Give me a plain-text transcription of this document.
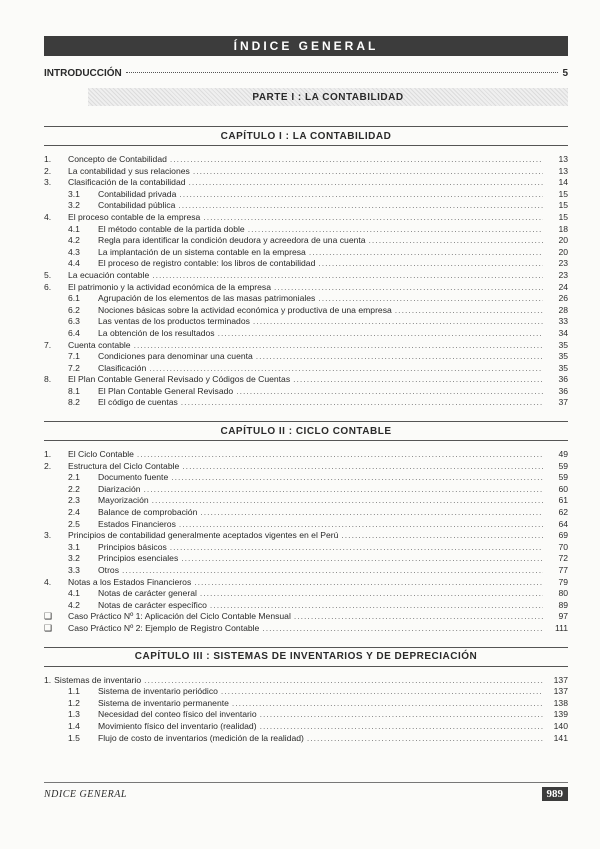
ÍNDICE GENERAL
INTRODUCCIÓN	5
PARTE I : LA CONTABILIDAD
CAPÍTULO I : LA CONTABILIDAD
1.	Concepto de Contabilidad .....	13
2.	La contabilidad y sus relaciones .....	13
3.	Clasificación de la contabilidad .....	14
3.1	Contabilidad privada .....	15
3.2	Contabilidad pública .....	15
4.	El proceso contable de la empresa .....	15
4.1	El método contable de la partida doble .....	18
4.2	Regla para identificar la condición deudora y acreedora de una cuenta .....	20
4.3	La implantación de un sistema contable en la empresa .....	20
4.4	El proceso de registro contable: los libros de contabilidad .....	23
5.	La ecuación contable .....	23
6.	El patrimonio y la actividad económica de la empresa .....	24
6.1	Agrupación de los elementos de las masas patrimoniales .....	26
6.2	Nociones básicas sobre la actividad económica y productiva de una empresa .....	28
6.3	Las ventas de los productos terminados .....	33
6.4	La obtención de los resultados .....	34
7.	Cuenta contable .....	35
7.1	Condiciones para denominar una cuenta .....	35
7.2	Clasificación .....	35
8.	El Plan Contable General Revisado y Códigos de Cuentas .....	36
8.1	El Plan Contable General Revisado .....	36
8.2	El código de cuentas .....	37
CAPÍTULO II : CICLO CONTABLE
1.	El Ciclo Contable .....	49
2.	Estructura del Ciclo Contable .....	59
2.1	Documento fuente .....	59
2.2	Diarización .....	60
2.3	Mayorización .....	61
2.4	Balance de comprobación .....	62
2.5	Estados Financieros .....	64
3.	Principios de contabilidad generalmente aceptados vigentes en el Perú .....	69
3.1	Principios básicos .....	70
3.2	Principios esenciales .....	72
3.3	Otros .....	77
4.	Notas a los Estados Financieros .....	79
4.1	Notas de carácter general .....	80
4.2	Notas de carácter específico .....	89
❑	Caso Práctico Nº 1: Aplicación del Ciclo Contable Mensual .....	97
❑	Caso Práctico Nº 2: Ejemplo de Registro Contable .....	111
CAPÍTULO III : SISTEMAS DE INVENTARIOS Y DE DEPRECIACIÓN
1. Sistemas de inventario .....	137
1.1	Sistema de inventario periódico .....	137
1.2	Sistema de inventario permanente .....	138
1.3	Necesidad del conteo físico del inventario .....	139
1.4	Movimiento físico del inventario (realidad) .....	140
1.5	Flujo de costo de inventarios (medición de la realidad) .....	141
NDICE GENERAL	989
